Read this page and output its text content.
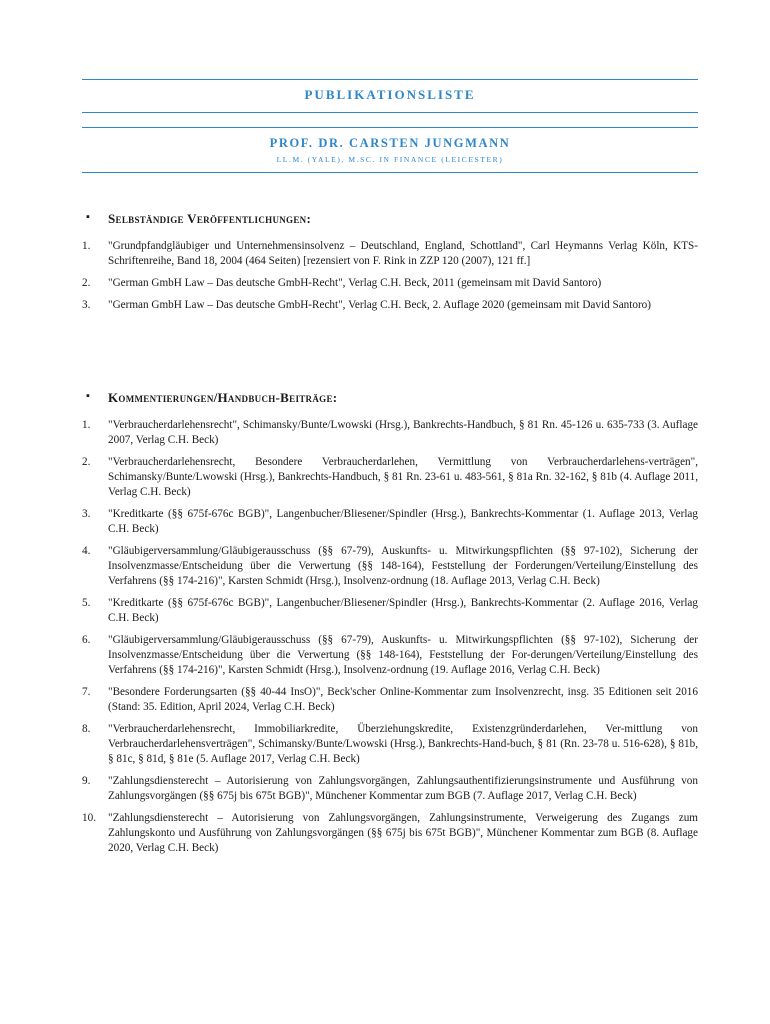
PUBLIKATIONSLISTE
PROF. DR. CARSTEN JUNGMANN
LL.M. (YALE), M.SC. IN FINANCE (LEICESTER)
▪ Selbständige Veröffentlichungen:
1. "Grundpfandgläubiger und Unternehmensinsolvenz – Deutschland, England, Schottland", Carl Heymanns Verlag Köln, KTS-Schriftenreihe, Band 18, 2004 (464 Seiten) [rezensiert von F. Rink in ZZP 120 (2007), 121 ff.]
2. "German GmbH Law – Das deutsche GmbH-Recht", Verlag C.H. Beck, 2011 (gemeinsam mit David Santoro)
3. "German GmbH Law – Das deutsche GmbH-Recht", Verlag C.H. Beck, 2. Auflage 2020 (gemeinsam mit David Santoro)
▪ Kommentierungen/Handbuch-Beiträge:
1. "Verbraucherdarlehensrecht", Schimansky/Bunte/Lwowski (Hrsg.), Bankrechts-Handbuch, § 81 Rn. 45-126 u. 635-733 (3. Auflage 2007, Verlag C.H. Beck)
2. "Verbraucherdarlehensrecht, Besondere Verbraucherdarlehen, Vermittlung von Verbraucherdarlehens-verträgen", Schimansky/Bunte/Lwowski (Hrsg.), Bankrechts-Handbuch, § 81 Rn. 23-61 u. 483-561, § 81a Rn. 32-162, § 81b (4. Auflage 2011, Verlag C.H. Beck)
3. "Kreditkarte (§§ 675f-676c BGB)", Langenbucher/Bliesener/Spindler (Hrsg.), Bankrechts-Kommentar (1. Auflage 2013, Verlag C.H. Beck)
4. "Gläubigerversammlung/Gläubigerausschuss (§§ 67-79), Auskunfts- u. Mitwirkungspflichten (§§ 97-102), Sicherung der Insolvenzmasse/Entscheidung über die Verwertung (§§ 148-164), Feststellung der Forderungen/Verteilung/Einstellung des Verfahrens (§§ 174-216)", Karsten Schmidt (Hrsg.), Insolvenz-ordnung (18. Auflage 2013, Verlag C.H. Beck)
5. "Kreditkarte (§§ 675f-676c BGB)", Langenbucher/Bliesener/Spindler (Hrsg.), Bankrechts-Kommentar (2. Auflage 2016, Verlag C.H. Beck)
6. "Gläubigerversammlung/Gläubigerausschuss (§§ 67-79), Auskunfts- u. Mitwirkungspflichten (§§ 97-102), Sicherung der Insolvenzmasse/Entscheidung über die Verwertung (§§ 148-164), Feststellung der For-derungen/Verteilung/Einstellung des Verfahrens (§§ 174-216)", Karsten Schmidt (Hrsg.), Insolvenz-ordnung (19. Auflage 2016, Verlag C.H. Beck)
7. "Besondere Forderungsarten (§§ 40-44 InsO)", Beck'scher Online-Kommentar zum Insolvenzrecht, insg. 35 Editionen seit 2016 (Stand: 35. Edition, April 2024, Verlag C.H. Beck)
8. "Verbraucherdarlehensrecht, Immobiliarkredite, Überziehungskredite, Existenzgründerdarlehen, Ver-mittlung von Verbraucherdarlehensverträgen", Schimansky/Bunte/Lwowski (Hrsg.), Bankrechts-Hand-buch, § 81 (Rn. 23-78 u. 516-628), § 81b, § 81c, § 81d, § 81e (5. Auflage 2017, Verlag C.H. Beck)
9. "Zahlungsdiensterecht – Autorisierung von Zahlungsvorgängen, Zahlungsauthentifizierungsinstrumente und Ausführung von Zahlungsvorgängen (§§ 675j bis 675t BGB)", Münchener Kommentar zum BGB (7. Auflage 2017, Verlag C.H. Beck)
10. "Zahlungsdiensterecht – Autorisierung von Zahlungsvorgängen, Zahlungsinstrumente, Verweigerung des Zugangs zum Zahlungskonto und Ausführung von Zahlungsvorgängen (§§ 675j bis 675t BGB)", Münchener Kommentar zum BGB (8. Auflage 2020, Verlag C.H. Beck)
